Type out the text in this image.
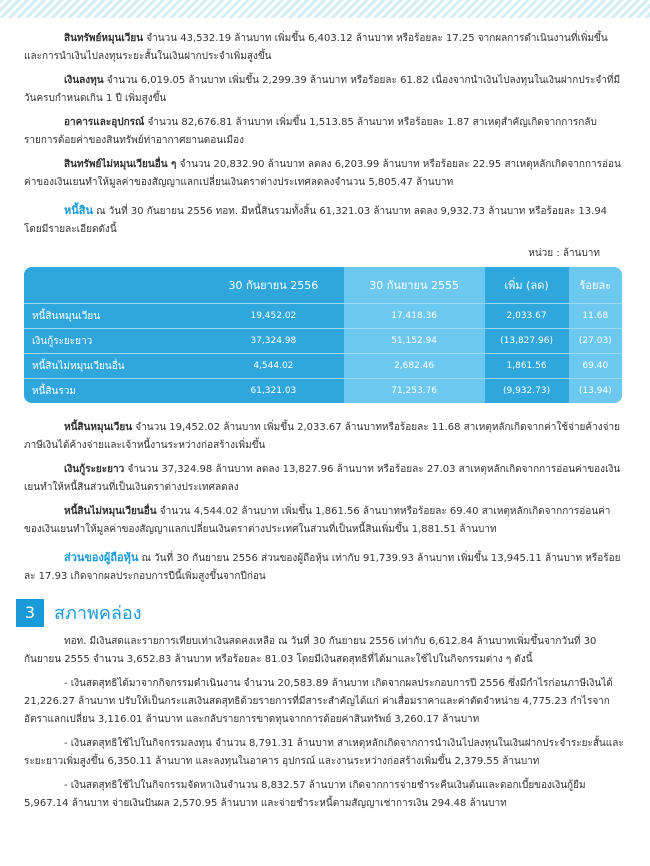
สินทรัพย์หมุนเวียน จำนวน 43,532.19 ล้านบาท เพิ่มขึ้น 6,403.12 ล้านบาท หรือร้อยละ 17.25 จากผลการดำเนินงานที่เพิ่มขึ้น และการนำเงินไปลงทุนระยะสั้นในเงินฝากประจำเพิ่มสูงขึ้น

เงินลงทุน จำนวน 6,019.05 ล้านบาท เพิ่มขึ้น 2,299.39 ล้านบาท หรือร้อยละ 61.82 เนื่องจากนำเงินไปลงทุนในเงินฝากประจำที่มีวันครบกำหนดเกิน 1 ปี เพิ่มสูงขึ้น

อาคารและอุปกรณ์ จำนวน 82,676.81 ล้านบาท เพิ่มขึ้น 1,513.85 ล้านบาท หรือร้อยละ 1.87 สาเหตุสำคัญเกิดจากการกลับรายการด้อยค่าของสินทรัพย์ท่าอากาศยานดอนเมือง

สินทรัพย์ไม่หมุนเวียนอื่น ๆ จำนวน 20,832.90 ล้านบาท ลดลง 6,203.99 ล้านบาท หรือร้อยละ 22.95 สาเหตุหลักเกิดจากการอ่อนค่าของเงินเยนทำให้มูลค่าของสัญญาแลกเปลี่ยนเงินตราต่างประเทศลดลงจำนวน 5,805.47 ล้านบาท

หนี้สิน ณ วันที่ 30 กันยายน 2556 ทอท. มีหนี้สินรวมทั้งสิ้น 61,321.03 ล้านบาท ลดลง 9,932.73 ล้านบาท หรือร้อยละ 13.94 โดยมีรายละเอียดดังนี้

หน่วย : ล้านบาท

	30 กันยายน 2556	30 กันยายน 2555	เพิ่ม (ลด)	ร้อยละ
หนี้สินหมุนเวียน	19,452.02	17,418.36	2,033.67	11.68
เงินกู้ระยะยาว	37,324.98	51,152.94	(13,827.96)	(27.03)
หนี้สินไม่หมุนเวียนอื่น	4,544.02	2,682.46	1,861.56	69.40
หนี้สินรวม	61,321.03	71,253.76	(9,932.73)	(13.94)

หนี้สินหมุนเวียน จำนวน 19,452.02 ล้านบาท เพิ่มขึ้น 2,033.67 ล้านบาทหรือร้อยละ 11.68 สาเหตุหลักเกิดจากค่าใช้จ่ายค้างจ่าย ภาษีเงินได้ค้างจ่ายและเจ้าหนี้งานระหว่างก่อสร้างเพิ่มขึ้น

เงินกู้ระยะยาว จำนวน 37,324.98 ล้านบาท ลดลง 13,827.96 ล้านบาท หรือร้อยละ 27.03 สาเหตุหลักเกิดจากการอ่อนค่าของเงินเยนทำให้หนี้สินส่วนที่เป็นเงินตราต่างประเทศลดลง

หนี้สินไม่หมุนเวียนอื่น จำนวน 4,544.02 ล้านบาท เพิ่มขึ้น 1,861.56 ล้านบาทหรือร้อยละ 69.40 สาเหตุหลักเกิดจากการอ่อนค่าของเงินเยนทำให้มูลค่าของสัญญาแลกเปลี่ยนเงินตราต่างประเทศในส่วนที่เป็นหนี้สินเพิ่มขึ้น 1,881.51 ล้านบาท

ส่วนของผู้ถือหุ้น ณ วันที่ 30 กันยายน 2556 ส่วนของผู้ถือหุ้น เท่ากับ 91,739.93 ล้านบาท เพิ่มขึ้น 13,945.11 ล้านบาท หรือร้อยละ 17.93 เกิดจากผลประกอบการปีนี้เพิ่มสูงขึ้นจากปีก่อน

3	สภาพคล่อง

ทอท. มีเงินสดและรายการเทียบเท่าเงินสดคงเหลือ ณ วันที่ 30 กันยายน 2556 เท่ากับ 6,612.84 ล้านบาทเพิ่มขึ้นจากวันที่ 30 กันยายน 2555 จำนวน 3,652.83 ล้านบาท หรือร้อยละ 81.03 โดยมีเงินสดสุทธิที่ได้มาและใช้ไปในกิจกรรมต่าง ๆ ดังนี้

- เงินสดสุทธิได้มาจากกิจกรรมดำเนินงาน จำนวน 20,583.89 ล้านบาท เกิดจากผลประกอบการปี 2556 ซึ่งมีกำไรก่อนภาษีเงินได้ 21,226.27 ล้านบาท ปรับให้เป็นกระแสเงินสดสุทธิด้วยรายการที่มีสาระสำคัญได้แก่ ค่าเสื่อมราคาและค่าตัดจำหน่าย 4,775.23 กำไรจากอัตราแลกเปลี่ยน 3,116.01 ล้านบาท และกลับรายการขาดทุนจากการด้อยค่าสินทรัพย์ 3,260.17 ล้านบาท

- เงินสดสุทธิใช้ไปในกิจกรรมลงทุน จำนวน 8,791.31 ล้านบาท สาเหตุหลักเกิดจากการนำเงินไปลงทุนในเงินฝากประจำระยะสั้นและระยะยาวเพิ่มสูงขึ้น 6,350.11 ล้านบาท และลงทุนในอาคาร อุปกรณ์ และงานระหว่างก่อสร้างเพิ่มขึ้น 2,379.55 ล้านบาท

- เงินสดสุทธิใช้ไปในกิจกรรมจัดหาเงินจำนวน 8,832.57 ล้านบาท เกิดจากการจ่ายชำระคืนเงินต้นและดอกเบี้ยของเงินกู้ยืม 5,967.14 ล้านบาท จ่ายเงินปันผล 2,570.95 ล้านบาท และจ่ายชำระหนี้ตามสัญญาเช่าการเงิน 294.48 ล้านบาท
